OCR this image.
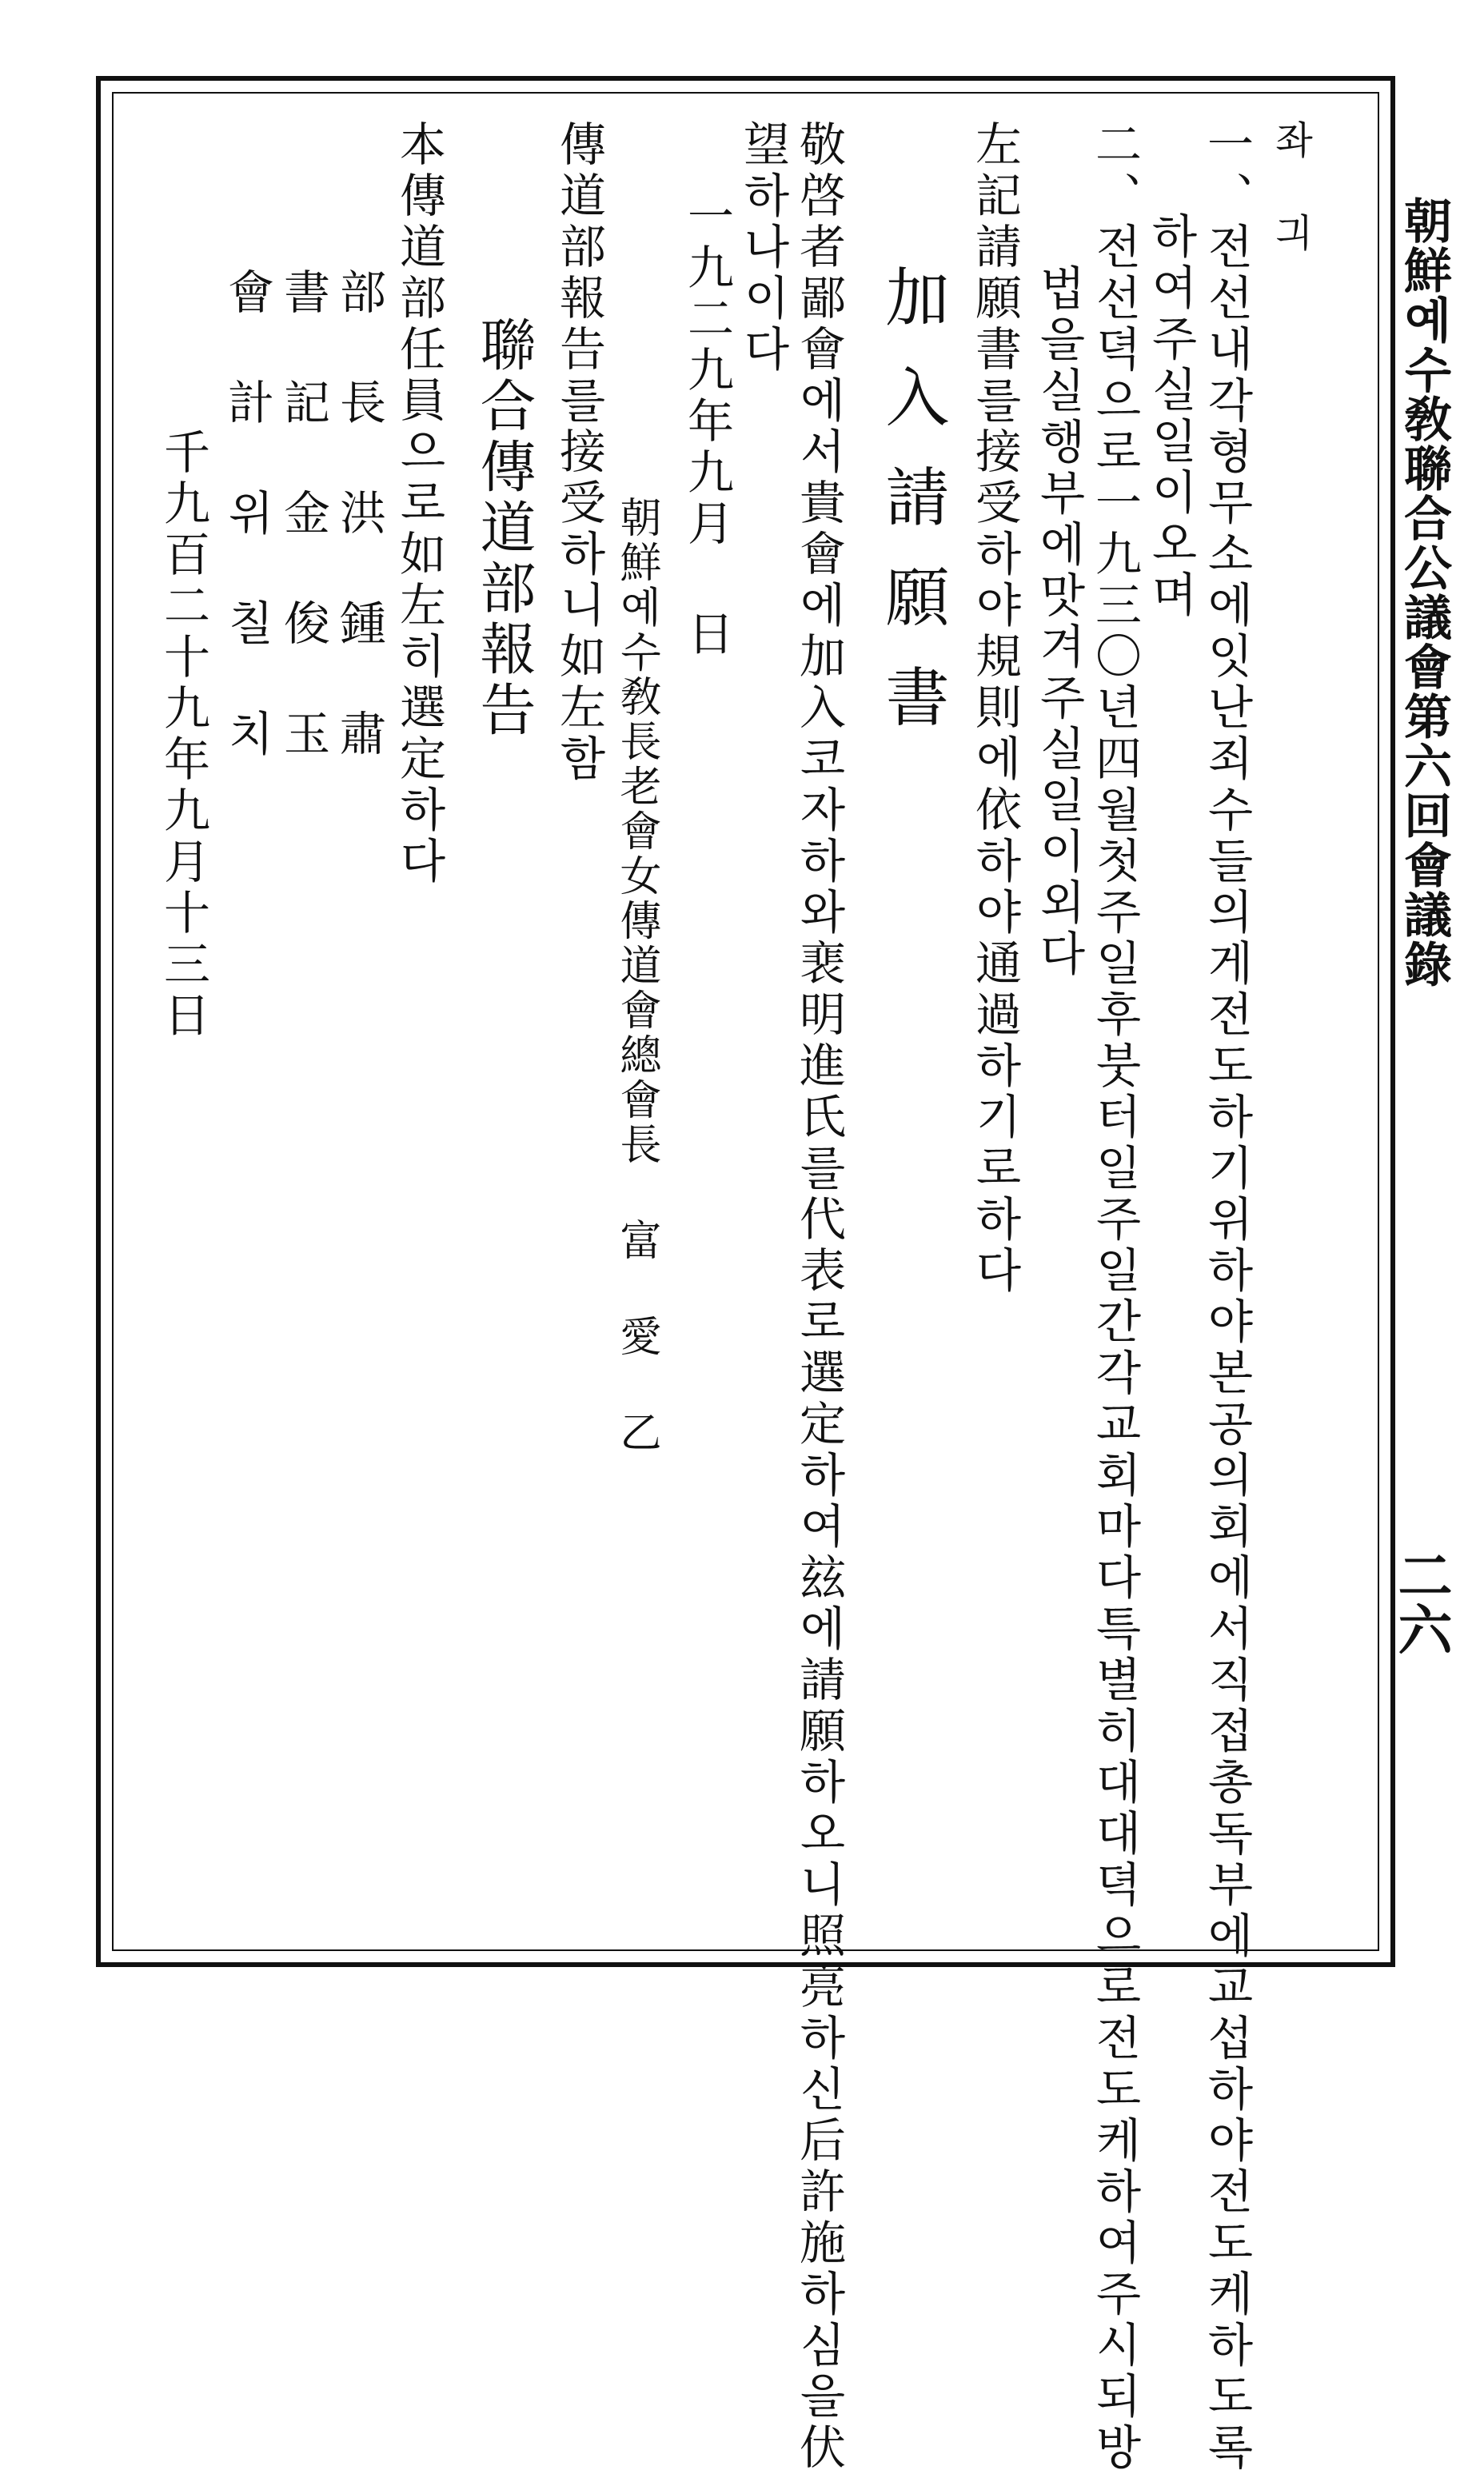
朝鮮예수敎聯合公議會第六回會議錄
二六
좌 긔
一、전선내각형무소에잇난죄수들의게전도하기위하야본공의회에서직접총독부에교섭하야전도케하도록
하여주실일이오며
二、전선뎍으로一九三〇년四월첫주일후붓터일주일간각교회마다특별히대대뎍으로전도케하여주시되방
법을실행부에맛겨주실일이외다
左記請願書를接受하야規則에依하야通過하기로하다
加入請願書
敬啓者鄙會에서貴會에加入코자하와裵明進氏를代表로選定하여玆에請願하오니照亮하신后許施하심을伏
望하나이다
一九二九年九月 日
朝鮮예수敎長老會女傳道會總會長 富 愛 乙
傳道部報告를接受하니如左함
聯合傳道部報告
本傳道部任員으로如左히選定하다
部 長 洪 鍾 肅
書 記 金 俊 玉
會 計 위 칠 치
千九百二十九年九月十三日
